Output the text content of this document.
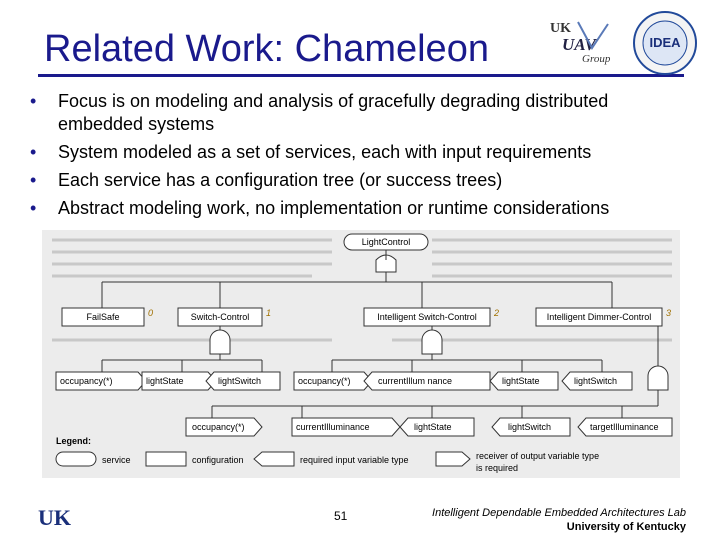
Related Work: Chameleon	UK
UAV
Group
IDEA
• Focus is on modeling and analysis of gracefully degrading distributed embedded systems
• System modeled as a set of services, each with input requirements
• Each service has a configuration tree (or success trees)
• Abstract modeling work, no implementation or runtime considerations
LightControl
FailSafe	0	Switch-Control 1	Intelligent Switch-Control 2	Intelligent Dimmer-Control 3
occupancy(*)	lightState	lightSwitch	occupancy(*)	currentIllum nance	lightState	lightSwitch
occupancy(*)	currentIlluminance	lightState	lightSwitch	targetIlluminance
Legend:
service	configuration	required input variable type	receiver of output variable type
is required
UK	51	Intelligent Dependable Embedded Architectures Lab
University of Kentucky
